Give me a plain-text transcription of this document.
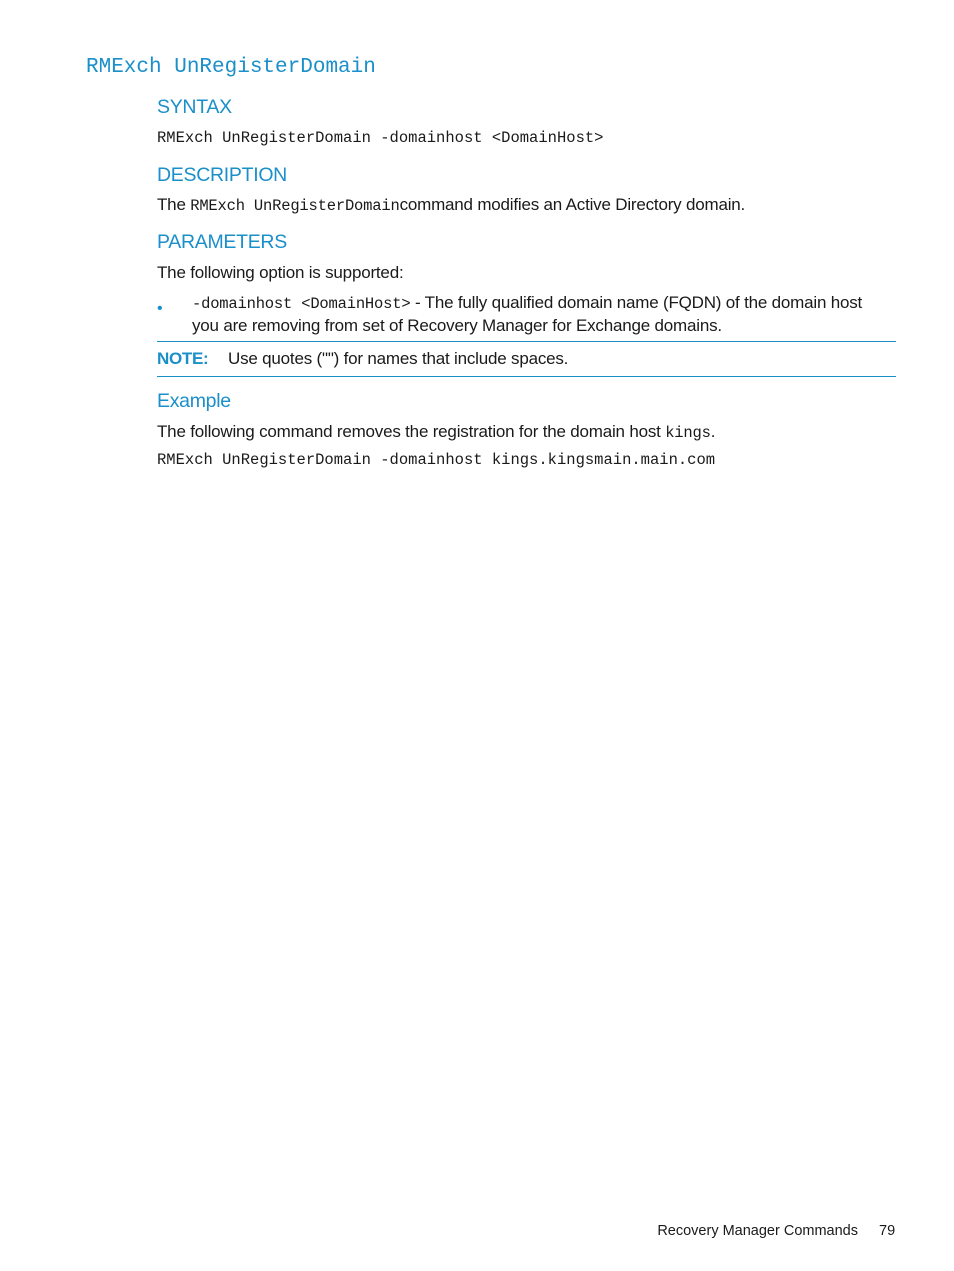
RMExch UnRegisterDomain
SYNTAX
RMExch UnRegisterDomain -domainhost <DomainHost>
DESCRIPTION
The RMExch UnRegisterDomaincommand modifies an Active Directory domain.
PARAMETERS
The following option is supported:
• -domainhost <DomainHost> - The fully qualified domain name (FQDN) of the domain host you are removing from set of Recovery Manager for Exchange domains.
NOTE: Use quotes ("") for names that include spaces.
Example
The following command removes the registration for the domain host kings.
RMExch UnRegisterDomain -domainhost kings.kingsmain.main.com
Recovery Manager Commands 79
